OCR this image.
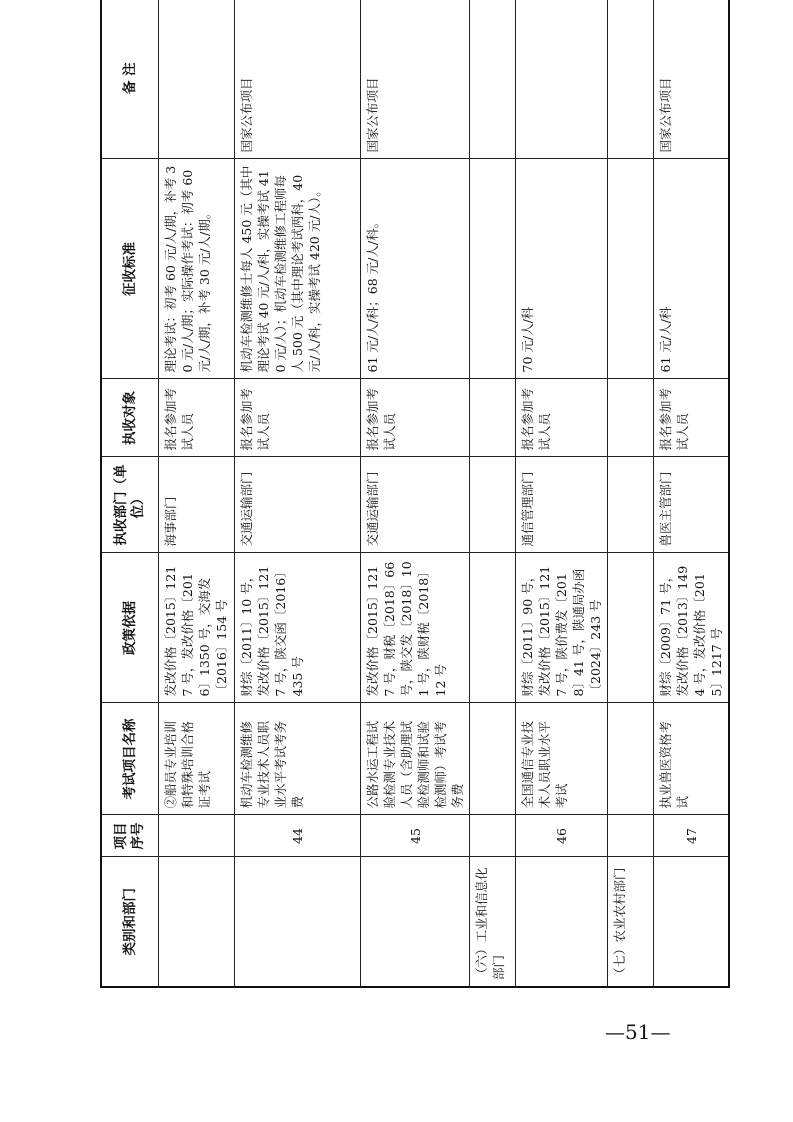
类别和部门	项目序号	考试项目名称	政策依据	执收部门（单位）	执收对象	征收标准	备 注
		②船员专业培训和特殊培训合格证考试	发改价格〔2015〕1217 号，发改价格〔2016〕1350 号，交海发〔2016〕154 号	海事部门	报名参加考试人员	理论考试：初考 60 元/人/期，补考 30 元/人/期；实际操作考试：初考 60 元/人/期，补考 30 元/人/期。	
	44	机动车检测维修专业技术人员职业水平考试考务费	财综〔2011〕10 号，发改价格〔2015〕1217 号，陕交函〔2016〕435 号	交通运输部门	报名参加考试人员	机动车检测维修士每人 450 元（其中理论考试 40 元/人/科，实操考试 410 元/人）；机动车检测维修工程师每人 500 元（其中理论考试两科，40 元/人/科，实操考试 420 元/人）。	国家公布项目
	45	公路水运工程试验检测专业技术人员（含助理试验检测师和试验检测师）考试考务费	发改价格〔2015〕1217 号，财税〔2018〕66 号，陕交发〔2018〕101 号，陕财税〔2018〕12 号	交通运输部门	报名参加考试人员	61 元/人/科；68 元/人/科。	国家公布项目
（六）工业和信息化部门							
	46	全国通信专业技术人员职业水平考试	财综〔2011〕90 号，发改价格〔2015〕1217 号，陕价费发〔2018〕41 号，陕通局办函〔2024〕243 号	通信管理部门	报名参加考试人员	70 元/人/科	
（七）农业农村部门							
	47	执业兽医资格考试	财综〔2009〕71 号，发改价格〔2013〕1494 号，发改价格〔2015〕1217 号	兽医主管部门	报名参加考试人员	61 元/人/科	国家公布项目
—51—
